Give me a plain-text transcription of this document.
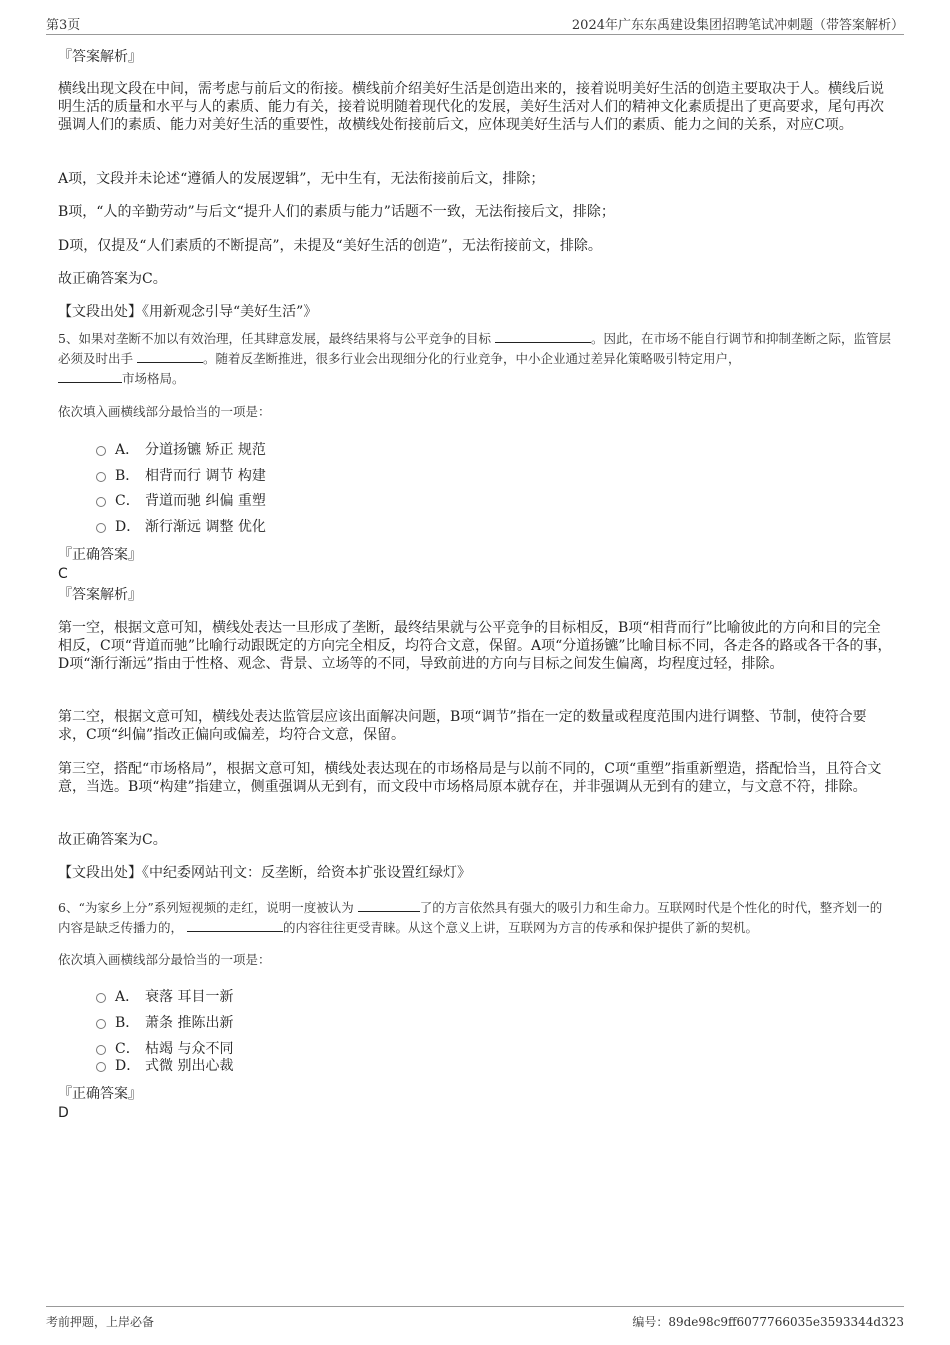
第3页	2024年广东东禹建设集团招聘笔试冲刺题（带答案解析）

『答案解析』

横线出现文段在中间，需考虑与前后文的衔接。横线前介绍美好生活是创造出来的，接着说明美好生活的创造主要取决于人。横线后说明生活的质量和水平与人的素质、能力有关，接着说明随着现代化的发展，美好生活对人们的精神文化素质提出了更高要求，尾句再次强调人们的素质、能力对美好生活的重要性，故横线处衔接前后文，应体现美好生活与人们的素质、能力之间的关系，对应C项。

A项，文段并未论述“遵循人的发展逻辑”，无中生有，无法衔接前后文，排除；

B项，“人的辛勤劳动”与后文“提升人们的素质与能力”话题不一致，无法衔接后文，排除；

D项，仅提及“人们素质的不断提高”，未提及“美好生活的创造”，无法衔接前文，排除。

故正确答案为C。

【文段出处】《用新观念引导“美好生活”》

5、如果对垄断不加以有效治理，任其肆意发展，最终结果将与公平竞争的目标	。因此，在市场不能自行调节和抑制垄断之际，监管层必须及时出手	。随着反垄断推进，很多行业会出现细分化的行业竞争，中小企业通过差异化策略吸引特定用户，
市场格局。

依次填入画横线部分最恰当的一项是：

A． 分道扬镳 矫正 规范
B． 相背而行 调节 构建
C． 背道而驰 纠偏 重塑
D． 渐行渐远 调整 优化

『正确答案』

C

『答案解析』

第一空，根据文意可知，横线处表达一旦形成了垄断，最终结果就与公平竞争的目标相反，B项“相背而行”比喻彼此的方向和目的完全相反，C项“背道而驰”比喻行动跟既定的方向完全相反，均符合文意，保留。A项“分道扬镳”比喻目标不同，各走各的路或各干各的事，D项“渐行渐远”指由于性格、观念、背景、立场等的不同，导致前进的方向与目标之间发生偏离，均程度过轻，排除。

第二空，根据文意可知，横线处表达监管层应该出面解决问题，B项“调节”指在一定的数量或程度范围内进行调整、节制，使符合要求，C项“纠偏”指改正偏向或偏差，均符合文意，保留。

第三空，搭配“市场格局”，根据文意可知，横线处表达现在的市场格局是与以前不同的，C项“重塑”指重新塑造，搭配恰当，且符合文意，当选。B项“构建”指建立，侧重强调从无到有，而文段中市场格局原本就存在，并非强调从无到有的建立，与文意不符，排除。

故正确答案为C。

【文段出处】《中纪委网站刊文：反垄断，给资本扩张设置红绿灯》

6、“为家乡上分”系列短视频的走红，说明一度被认为	了的方言依然具有强大的吸引力和生命力。互联网时代是个性化的时代，整齐划一的内容是缺乏传播力的，	的内容往往更受青睐。从这个意义上讲，互联网为方言的传承和保护提供了新的契机。

依次填入画横线部分最恰当的一项是：

A． 衰落 耳目一新
B． 萧条 推陈出新
C． 枯竭 与众不同
D． 式微 别出心裁

『正确答案』

D

考前押题，上岸必备	编号：89de98c9ff6077766035e3593344d323
